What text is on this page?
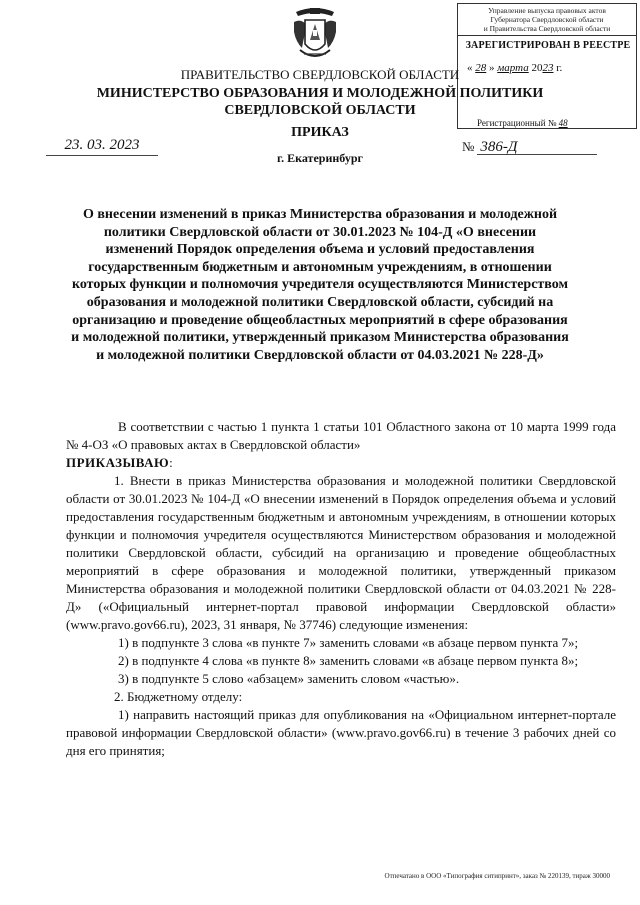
Управление выпуска правовых актов
Губернатора Свердловской области
и Правительства Свердловской области
ЗАРЕГИСТРИРОВАН В РЕЕСТРЕ
« 28 » марта 2023 г.
Регистрационный № 48
ПРАВИТЕЛЬСТВО СВЕРДЛОВСКОЙ ОБЛАСТИ
МИНИСТЕРСТВО ОБРАЗОВАНИЯ И МОЛОДЕЖНОЙ ПОЛИТИКИ
СВЕРДЛОВСКОЙ ОБЛАСТИ
ПРИКАЗ
23. 03. 2023	№ 386-Д
г. Екатеринбург
О внесении изменений в приказ Министерства образования и молодежной политики Свердловской области от 30.01.2023 № 104-Д «О внесении изменений Порядок определения объема и условий предоставления государственным бюджетным и автономным учреждениям, в отношении которых функции и полномочия учредителя осуществляются Министерством образования и молодежной политики Свердловской области, субсидий на организацию и проведение общеобластных мероприятий в сфере образования и молодежной политики, утвержденный приказом Министерства образования и молодежной политики Свердловской области от 04.03.2021 № 228-Д»

В соответствии с частью 1 пункта 1 статьи 101 Областного закона от 10 марта 1999 года № 4-ОЗ «О правовых актах в Свердловской области»

ПРИКАЗЫВАЮ:

1. Внести в приказ Министерства образования и молодежной политики Свердловской области от 30.01.2023 № 104-Д «О внесении изменений в Порядок определения объема и условий предоставления государственным бюджетным и автономным учреждениям, в отношении которых функции и полномочия учредителя осуществляются Министерством образования и молодежной политики Свердловской области, субсидий на организацию и проведение общеобластных мероприятий в сфере образования и молодежной политики, утвержденный приказом Министерства образования и молодежной политики Свердловской области от 04.03.2021 № 228-Д» («Официальный интернет-портал правовой информации Свердловской области» (www.pravo.gov66.ru), 2023, 31 января, № 37746) следующие изменения:

1) в подпункте 3 слова «в пункте 7» заменить словами «в абзаце первом пункта 7»;

2) в подпункте 4 слова «в пункте 8» заменить словами «в абзаце первом пункта 8»;

3) в подпункте 5 слово «абзацем» заменить словом «частью».

2. Бюджетному отделу:

1) направить настоящий приказ для опубликования на «Официальном интернет-портале правовой информации Свердловской области» (www.pravo.gov66.ru) в течение 3 рабочих дней со дня его принятия;

Отпечатано в ООО «Типография ситипринт», заказ № 220139, тираж 30000
